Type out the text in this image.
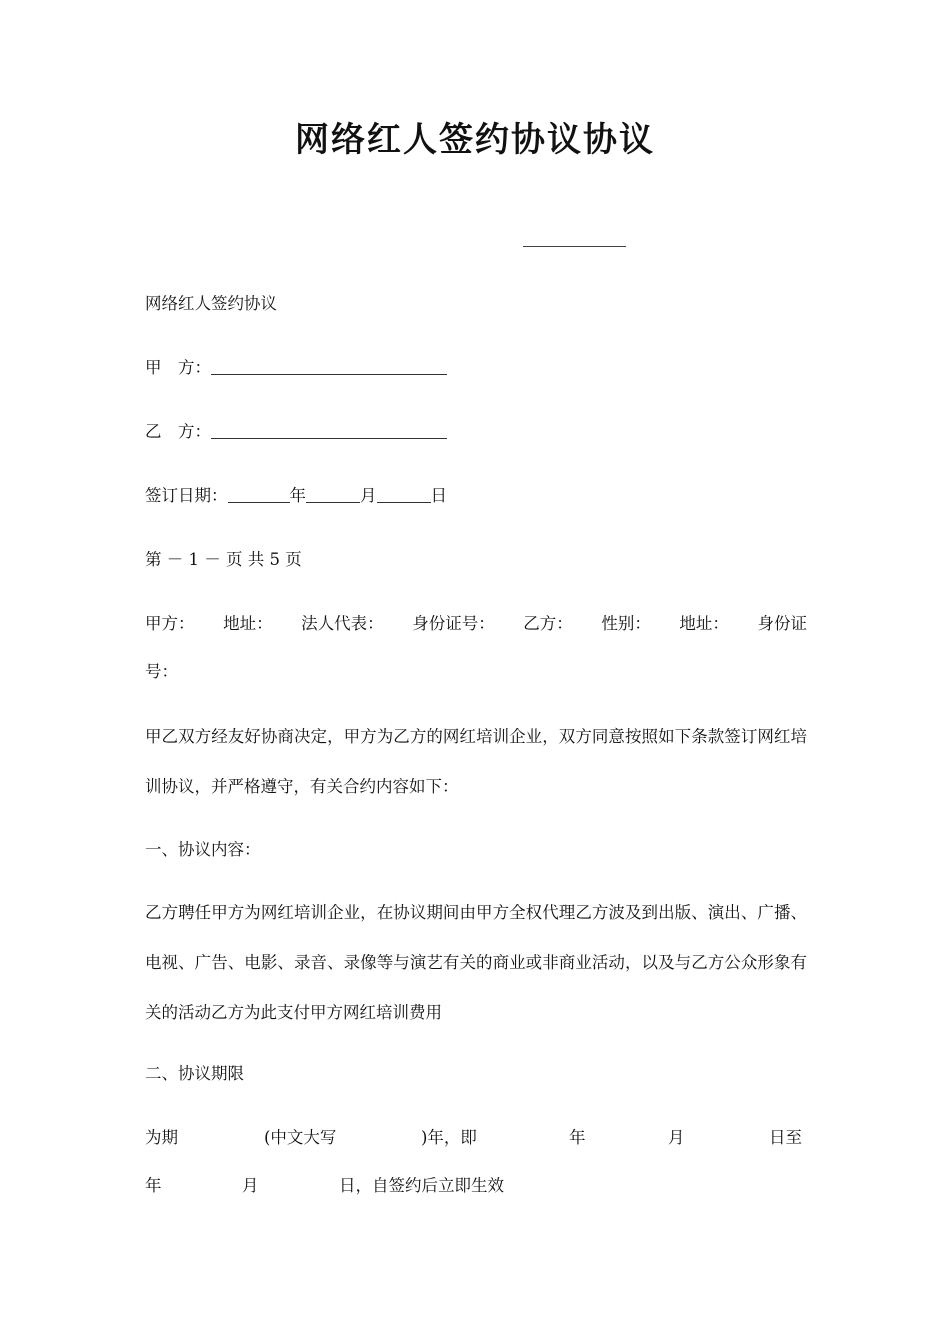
网络红人签约协议协议

网络红人签约协议

甲　方：
乙　方：
签订日期：	年	月	日

第 － 1 － 页 共 5 页

甲方： 地址： 法人代表： 身份证号： 乙方： 性别： 地址： 身份证

号：

甲乙双方经友好协商决定，甲方为乙方的网红培训企业，双方同意按照如下条款签订网红培训协议，并严格遵守，有关合约内容如下：

一、协议内容：

乙方聘任甲方为网红培训企业，在协议期间由甲方全权代理乙方波及到出版、演出、广播、电视、广告、电影、录音、录像等与演艺有关的商业或非商业活动，以及与乙方公众形象有关的活动乙方为此支付甲方网红培训费用

二、协议期限

为期	(中文大写	)年，即	年	月	日至
年	月	日，自签约后立即生效
